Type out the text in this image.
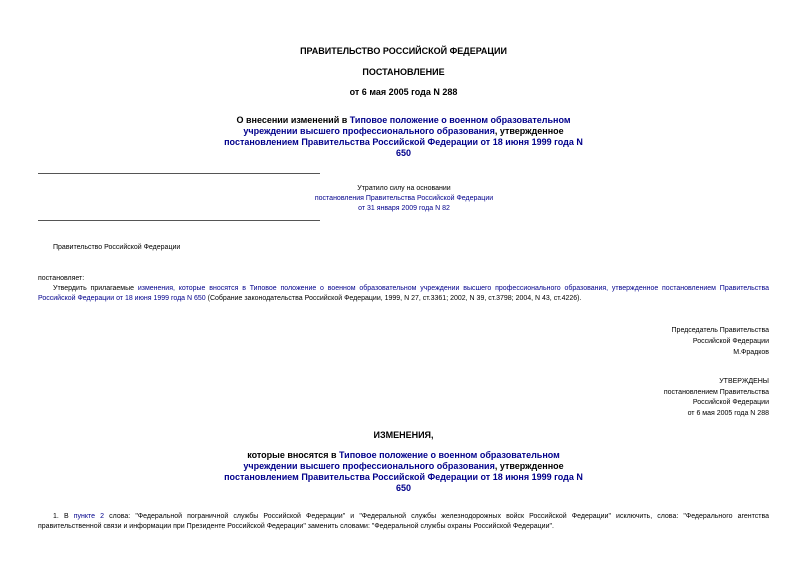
ПРАВИТЕЛЬСТВО РОССИЙСКОЙ ФЕДЕРАЦИИ
ПОСТАНОВЛЕНИЕ
от 6 мая 2005 года N 288
О внесении изменений в Типовое положение о военном образовательном учреждении высшего профессионального образования, утвержденное постановлением Правительства Российской Федерации от 18 июня 1999 года N 650
Утратило силу на основании
постановления Правительства Российской Федерации
от 31 января 2009 года N 82
Правительство Российской Федерации
постановляет:
Утвердить прилагаемые изменения, которые вносятся в Типовое положение о военном образовательном учреждении высшего профессионального образования, утвержденное постановлением Правительства Российской Федерации от 18 июня 1999 года N 650 (Собрание законодательства Российской Федерации, 1999, N 27, ст.3361; 2002, N 39, ст.3798; 2004, N 43, ст.4226).
Председатель Правительства
Российской Федерации
М.Фрадков
УТВЕРЖДЕНЫ
постановлением Правительства
Российской Федерации
от 6 мая 2005 года N 288
ИЗМЕНЕНИЯ,
которые вносятся в Типовое положение о военном образовательном учреждении высшего профессионального образования, утвержденное постановлением Правительства Российской Федерации от 18 июня 1999 года N 650
1. В пункте 2 слова: "Федеральной пограничной службы Российской Федерации" и "Федеральной службы железнодорожных войск Российской Федерации" исключить, слова: "Федерального агентства правительственной связи и информации при Президенте Российской Федерации" заменить словами: "Федеральной службы охраны Российской Федерации".
